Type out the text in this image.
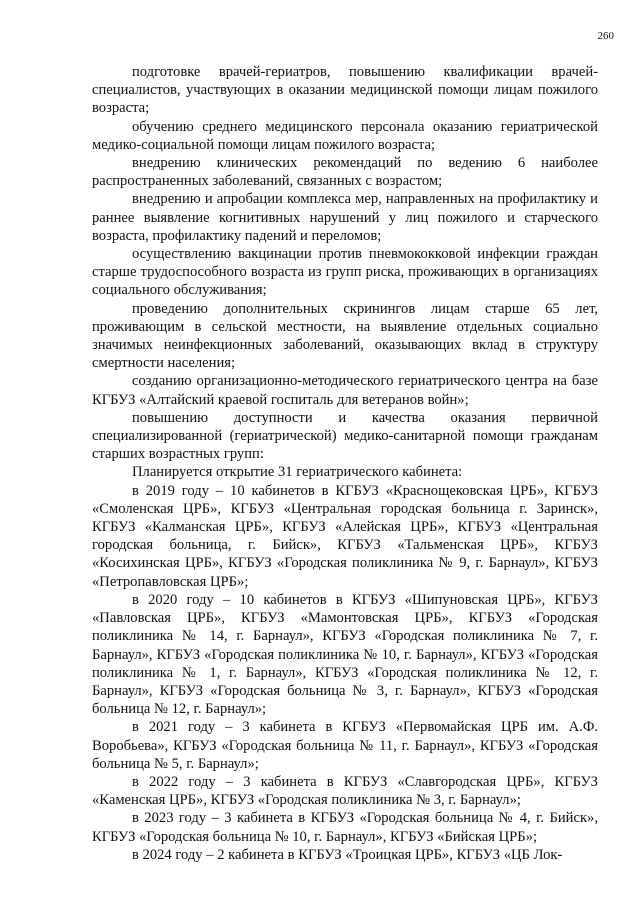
260

подготовке врачей-гериатров, повышению квалификации врачей-специалистов, участвующих в оказании медицинской помощи лицам пожилого возраста;

обучению среднего медицинского персонала оказанию гериатрической медико-социальной помощи лицам пожилого возраста;

внедрению клинических рекомендаций по ведению 6 наиболее распространенных заболеваний, связанных с возрастом;

внедрению и апробации комплекса мер, направленных на профилактику и раннее выявление когнитивных нарушений у лиц пожилого и старческого возраста, профилактику падений и переломов;

осуществлению вакцинации против пневмококковой инфекции граждан старше трудоспособного возраста из групп риска, проживающих в организациях социального обслуживания;

проведению дополнительных скринингов лицам старше 65 лет, проживающим в сельской местности, на выявление отдельных социально значимых неинфекционных заболеваний, оказывающих вклад в структуру смертности населения;

созданию организационно-методического гериатрического центра на базе КГБУЗ «Алтайский краевой госпиталь для ветеранов войн»;

повышению доступности и качества оказания первичной специализированной (гериатрической) медико-санитарной помощи гражданам старших возрастных групп:

Планируется открытие 31 гериатрического кабинета:

в 2019 году – 10 кабинетов в КГБУЗ «Краснощековская ЦРБ», КГБУЗ «Смоленская ЦРБ», КГБУЗ «Центральная городская больница г. Заринск», КГБУЗ «Калманская ЦРБ», КГБУЗ «Алейская ЦРБ», КГБУЗ «Центральная городская больница, г. Бийск», КГБУЗ «Тальменская ЦРБ», КГБУЗ «Косихинская ЦРБ», КГБУЗ «Городская поликлиника № 9, г. Барнаул», КГБУЗ «Петропавловская ЦРБ»;

в 2020 году – 10 кабинетов в КГБУЗ «Шипуновская ЦРБ», КГБУЗ «Павловская ЦРБ», КГБУЗ «Мамонтовская ЦРБ», КГБУЗ «Городская поликлиника № 14, г. Барнаул», КГБУЗ «Городская поликлиника № 7, г. Барнаул», КГБУЗ «Городская поликлиника № 10, г. Барнаул», КГБУЗ «Городская поликлиника № 1, г. Барнаул», КГБУЗ «Городская поликлиника № 12, г. Барнаул», КГБУЗ «Городская больница № 3, г. Барнаул», КГБУЗ «Городская больница № 12, г. Барнаул»;

в 2021 году – 3 кабинета в КГБУЗ «Первомайская ЦРБ им. А.Ф. Воробьева», КГБУЗ «Городская больница № 11, г. Барнаул», КГБУЗ «Городская больница № 5, г. Барнаул»;

в 2022 году – 3 кабинета в КГБУЗ «Славгородская ЦРБ», КГБУЗ «Каменская ЦРБ», КГБУЗ «Городская поликлиника № 3, г. Барнаул»;

в 2023 году – 3 кабинета в КГБУЗ «Городская больница № 4, г. Бийск», КГБУЗ «Городская больница № 10, г. Барнаул», КГБУЗ «Бийская ЦРБ»;

в 2024 году – 2 кабинета в КГБУЗ «Троицкая ЦРБ», КГБУЗ «ЦБ Лок-
